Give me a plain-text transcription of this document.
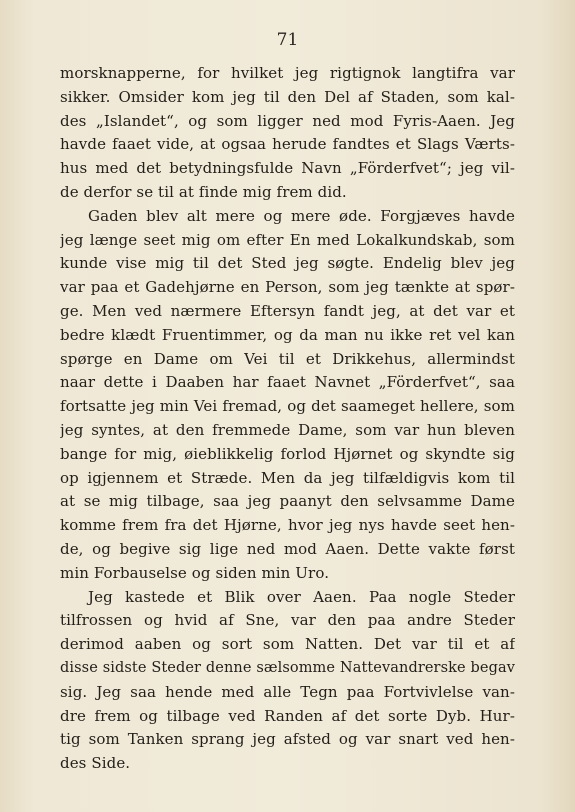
71
morsknapperne, for hvilket jeg rigtignok langtifra var
sikker. Omsider kom jeg til den Del af Staden, som kal-
des „Islandet“, og som ligger ned mod Fyris-Aaen. Jeg
havde faaet vide, at ogsaa herude fandtes et Slags Værts-
hus med det betydningsfulde Navn „Förderfvet“; jeg vil-
de derfor se til at finde mig frem did.
Gaden blev alt mere og mere øde. Forgjæves havde
jeg længe seet mig om efter En med Lokalkundskab, som
kunde vise mig til det Sted jeg søgte. Endelig blev jeg
var paa et Gadehjørne en Person, som jeg tænkte at spør-
ge. Men ved nærmere Eftersyn fandt jeg, at det var et
bedre klædt Fruentimmer, og da man nu ikke ret vel kan
spørge en Dame om Vei til et Drikkehus, allermindst
naar dette i Daaben har faaet Navnet „Förderfvet“, saa
fortsatte jeg min Vei fremad, og det saameget hellere, som
jeg syntes, at den fremmede Dame, som var hun bleven
bange for mig, øieblikkelig forlod Hjørnet og skyndte sig
op igjennem et Stræde. Men da jeg tilfældigvis kom til
at se mig tilbage, saa jeg paanyt den selvsamme Dame
komme frem fra det Hjørne, hvor jeg nys havde seet hen-
de, og begive sig lige ned mod Aaen. Dette vakte først
min Forbauselse og siden min Uro.
Jeg kastede et Blik over Aaen. Paa nogle Steder
tilfrossen og hvid af Sne, var den paa andre Steder
derimod aaben og sort som Natten. Det var til et af
disse sidste Steder denne sælsomme Nattevandrerske begav
sig. Jeg saa hende med alle Tegn paa Fortvivlelse van-
dre frem og tilbage ved Randen af det sorte Dyb. Hur-
tig som Tanken sprang jeg afsted og var snart ved hen-
des Side.
